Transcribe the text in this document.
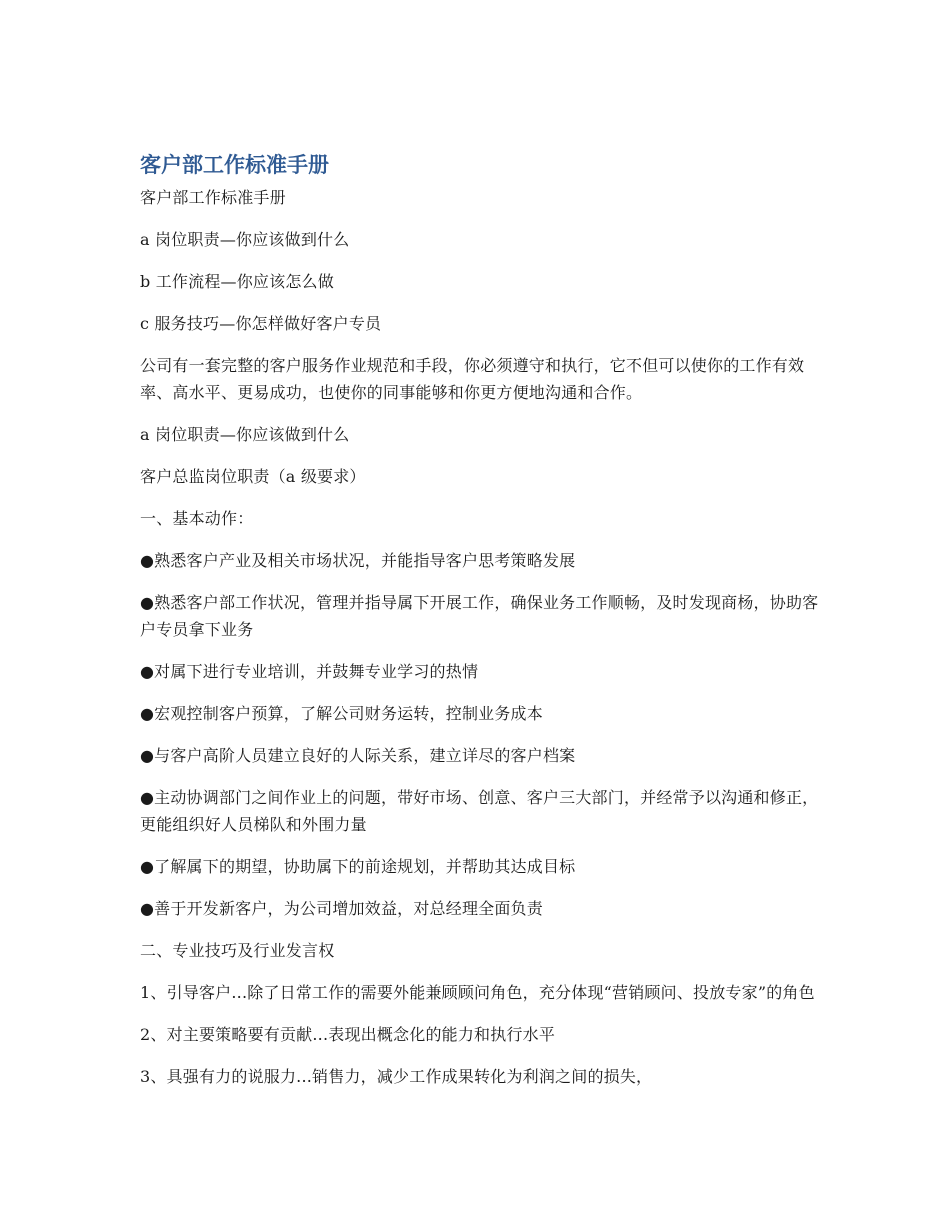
客户部工作标准手册

客户部工作标准手册

a 岗位职责—你应该做到什么

b 工作流程—你应该怎么做

c 服务技巧—你怎样做好客户专员

公司有一套完整的客户服务作业规范和手段，你必须遵守和执行，它不但可以使你的工作有效率、高水平、更易成功，也使你的同事能够和你更方便地沟通和合作。

a 岗位职责—你应该做到什么

客户总监岗位职责（a 级要求）

一、基本动作：

●熟悉客户产业及相关市场状况，并能指导客户思考策略发展

●熟悉客户部工作状况，管理并指导属下开展工作，确保业务工作顺畅，及时发现商杨，协助客户专员拿下业务

●对属下进行专业培训，并鼓舞专业学习的热情

●宏观控制客户预算，了解公司财务运转，控制业务成本

●与客户高阶人员建立良好的人际关系，建立详尽的客户档案

●主动协调部门之间作业上的问题，带好市场、创意、客户三大部门，并经常予以沟通和修正，更能组织好人员梯队和外围力量

●了解属下的期望，协助属下的前途规划，并帮助其达成目标

●善于开发新客户，为公司增加效益，对总经理全面负责

二、专业技巧及行业发言权

1、引导客户...除了日常工作的需要外能兼顾顾问角色，充分体现“营销顾问、投放专家”的角色

2、对主要策略要有贡献...表现出概念化的能力和执行水平

3、具强有力的说服力...销售力，减少工作成果转化为利润之间的损失，
